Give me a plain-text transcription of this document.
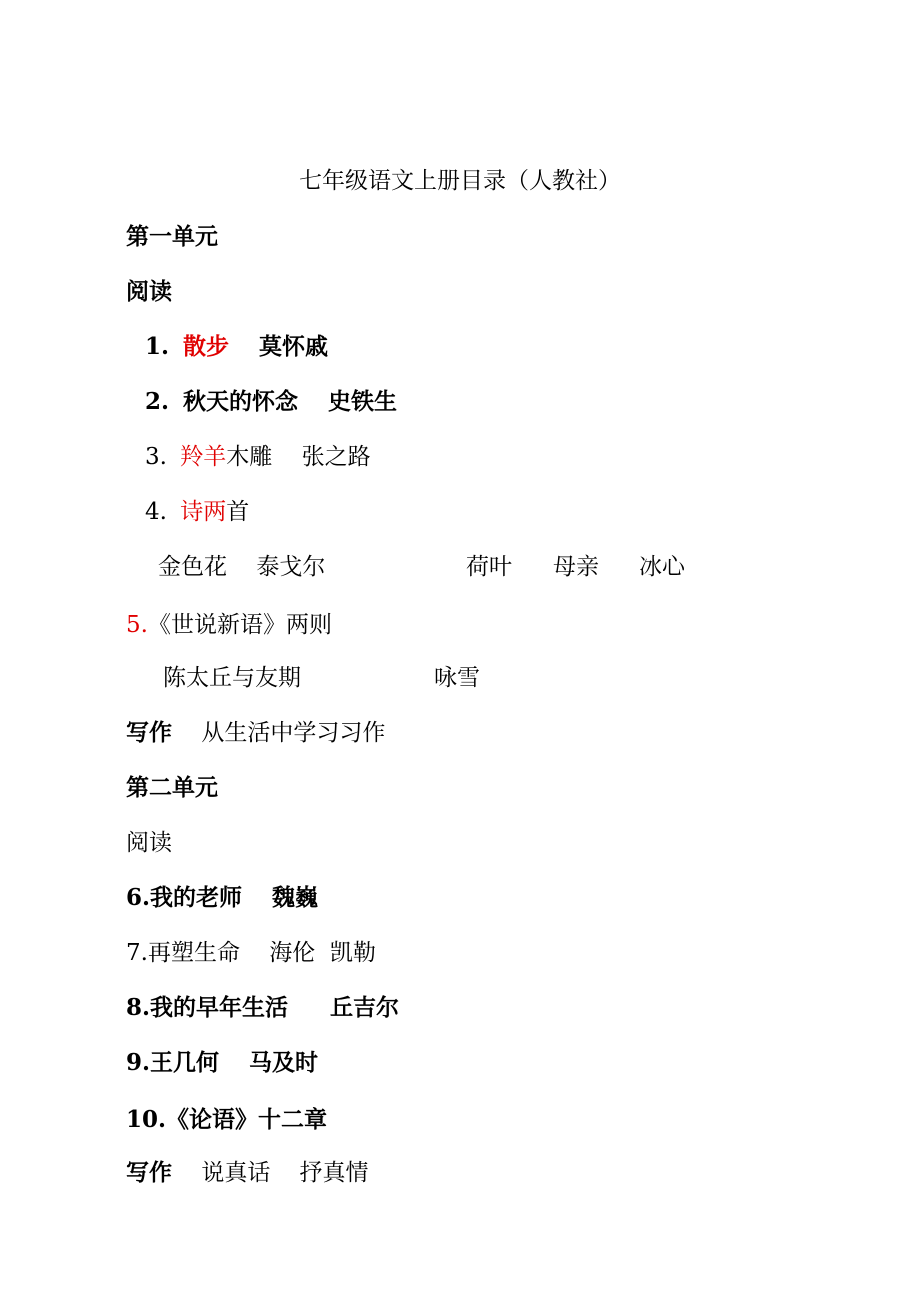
七年级语文上册目录（人教社）
第一单元
阅读
1. 散步 莫怀戚
2. 秋天的怀念 史铁生
3. 羚羊木雕 张之路
4. 诗两首
金色花 泰戈尔	荷叶 母亲 冰心
5.《世说新语》两则
陈太丘与友期	咏雪
写作 从生活中学习习作
第二单元
阅读
6.我的老师 魏巍
7.再塑生命 海伦  凯勒
8.我的早年生活 丘吉尔
9.王几何 马及时
10.《论语》十二章
写作 说真话    抒真情
